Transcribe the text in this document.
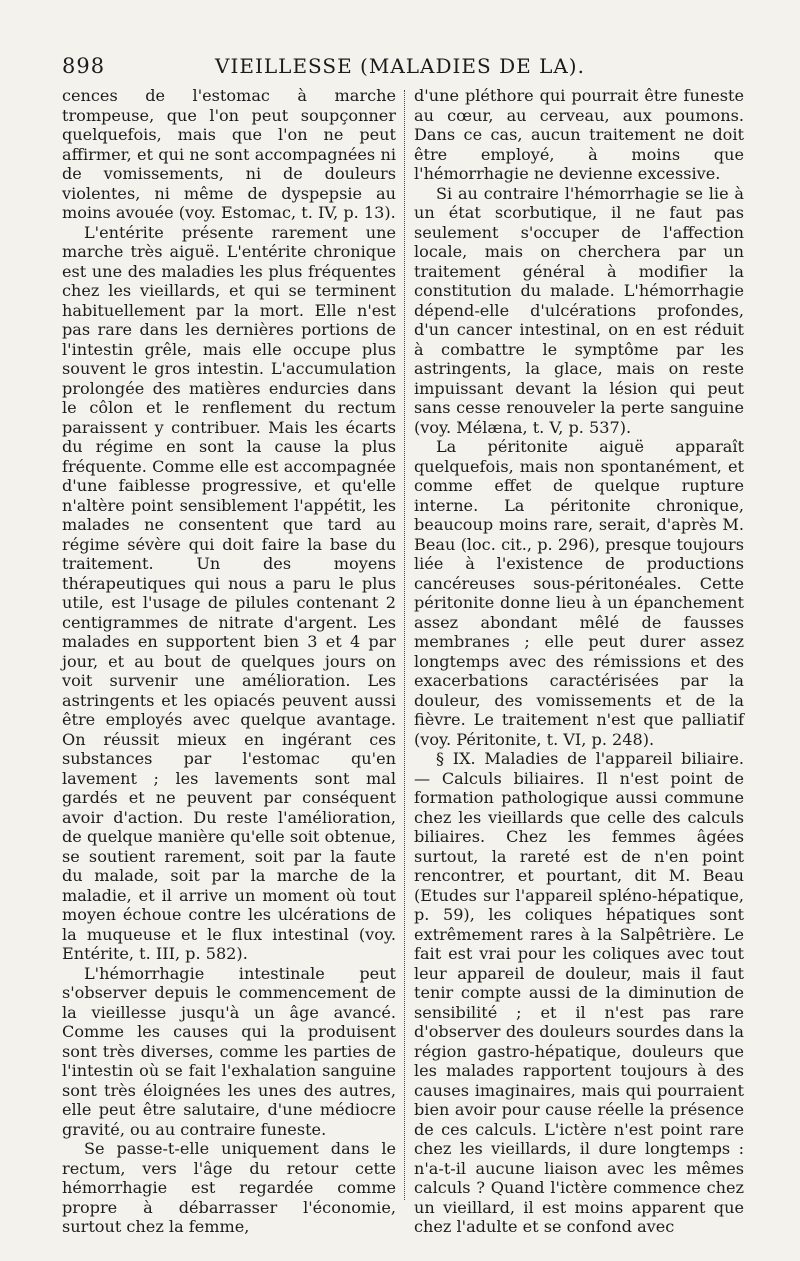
898	VIEILLESSE (MALADIES DE LA).

cences de l'estomac à marche trompeuse, que l'on peut soupçonner quelquefois, mais que l'on ne peut affirmer, et qui ne sont accompagnées ni de vomissements, ni de douleurs violentes, ni même de dyspepsie au moins avouée (voy. Estomac, t. IV, p. 13).

L'entérite présente rarement une marche très aiguë. L'entérite chronique est une des maladies les plus fréquentes chez les vieillards, et qui se terminent habituellement par la mort. Elle n'est pas rare dans les dernières portions de l'intestin grêle, mais elle occupe plus souvent le gros intestin. L'accumulation prolongée des matières endurcies dans le côlon et le renflement du rectum paraissent y contribuer. Mais les écarts du régime en sont la cause la plus fréquente. Comme elle est accompagnée d'une faiblesse progressive, et qu'elle n'altère point sensiblement l'appétit, les malades ne consentent que tard au régime sévère qui doit faire la base du traitement. Un des moyens thérapeutiques qui nous a paru le plus utile, est l'usage de pilules contenant 2 centigrammes de nitrate d'argent. Les malades en supportent bien 3 et 4 par jour, et au bout de quelques jours on voit survenir une amélioration. Les astringents et les opiacés peuvent aussi être employés avec quelque avantage. On réussit mieux en ingérant ces substances par l'estomac qu'en lavement ; les lavements sont mal gardés et ne peuvent par conséquent avoir d'action. Du reste l'amélioration, de quelque manière qu'elle soit obtenue, se soutient rarement, soit par la faute du malade, soit par la marche de la maladie, et il arrive un moment où tout moyen échoue contre les ulcérations de la muqueuse et le flux intestinal (voy. Entérite, t. III, p. 582).

L'hémorrhagie intestinale peut s'observer depuis le commencement de la vieillesse jusqu'à un âge avancé. Comme les causes qui la produisent sont très diverses, comme les parties de l'intestin où se fait l'exhalation sanguine sont très éloignées les unes des autres, elle peut être salutaire, d'une médiocre gravité, ou au contraire funeste.

Se passe-t-elle uniquement dans le rectum, vers l'âge du retour cette hémorrhagie est regardée comme propre à débarrasser l'économie, surtout chez la femme,

d'une pléthore qui pourrait être funeste au cœur, au cerveau, aux poumons. Dans ce cas, aucun traitement ne doit être employé, à moins que l'hémorrhagie ne devienne excessive.

Si au contraire l'hémorrhagie se lie à un état scorbutique, il ne faut pas seulement s'occuper de l'affection locale, mais on cherchera par un traitement général à modifier la constitution du malade. L'hémorrhagie dépend-elle d'ulcérations profondes, d'un cancer intestinal, on en est réduit à combattre le symptôme par les astringents, la glace, mais on reste impuissant devant la lésion qui peut sans cesse renouveler la perte sanguine (voy. Mélæna, t. V, p. 537).

La péritonite aiguë apparaît quelquefois, mais non spontanément, et comme effet de quelque rupture interne. La péritonite chronique, beaucoup moins rare, serait, d'après M. Beau (loc. cit., p. 296), presque toujours liée à l'existence de productions cancéreuses sous-péritonéales. Cette péritonite donne lieu à un épanchement assez abondant mêlé de fausses membranes ; elle peut durer assez longtemps avec des rémissions et des exacerbations caractérisées par la douleur, des vomissements et de la fièvre. Le traitement n'est que palliatif (voy. Péritonite, t. VI, p. 248).

§ IX. Maladies de l'appareil biliaire. — Calculs biliaires. Il n'est point de formation pathologique aussi commune chez les vieillards que celle des calculs biliaires. Chez les femmes âgées surtout, la rareté est de n'en point rencontrer, et pourtant, dit M. Beau (Etudes sur l'appareil spléno-hépatique, p. 59), les coliques hépatiques sont extrêmement rares à la Salpêtrière. Le fait est vrai pour les coliques avec tout leur appareil de douleur, mais il faut tenir compte aussi de la diminution de sensibilité ; et il n'est pas rare d'observer des douleurs sourdes dans la région gastro-hépatique, douleurs que les malades rapportent toujours à des causes imaginaires, mais qui pourraient bien avoir pour cause réelle la présence de ces calculs. L'ictère n'est point rare chez les vieillards, il dure longtemps : n'a-t-il aucune liaison avec les mêmes calculs ? Quand l'ictère commence chez un vieillard, il est moins apparent que chez l'adulte et se confond avec
